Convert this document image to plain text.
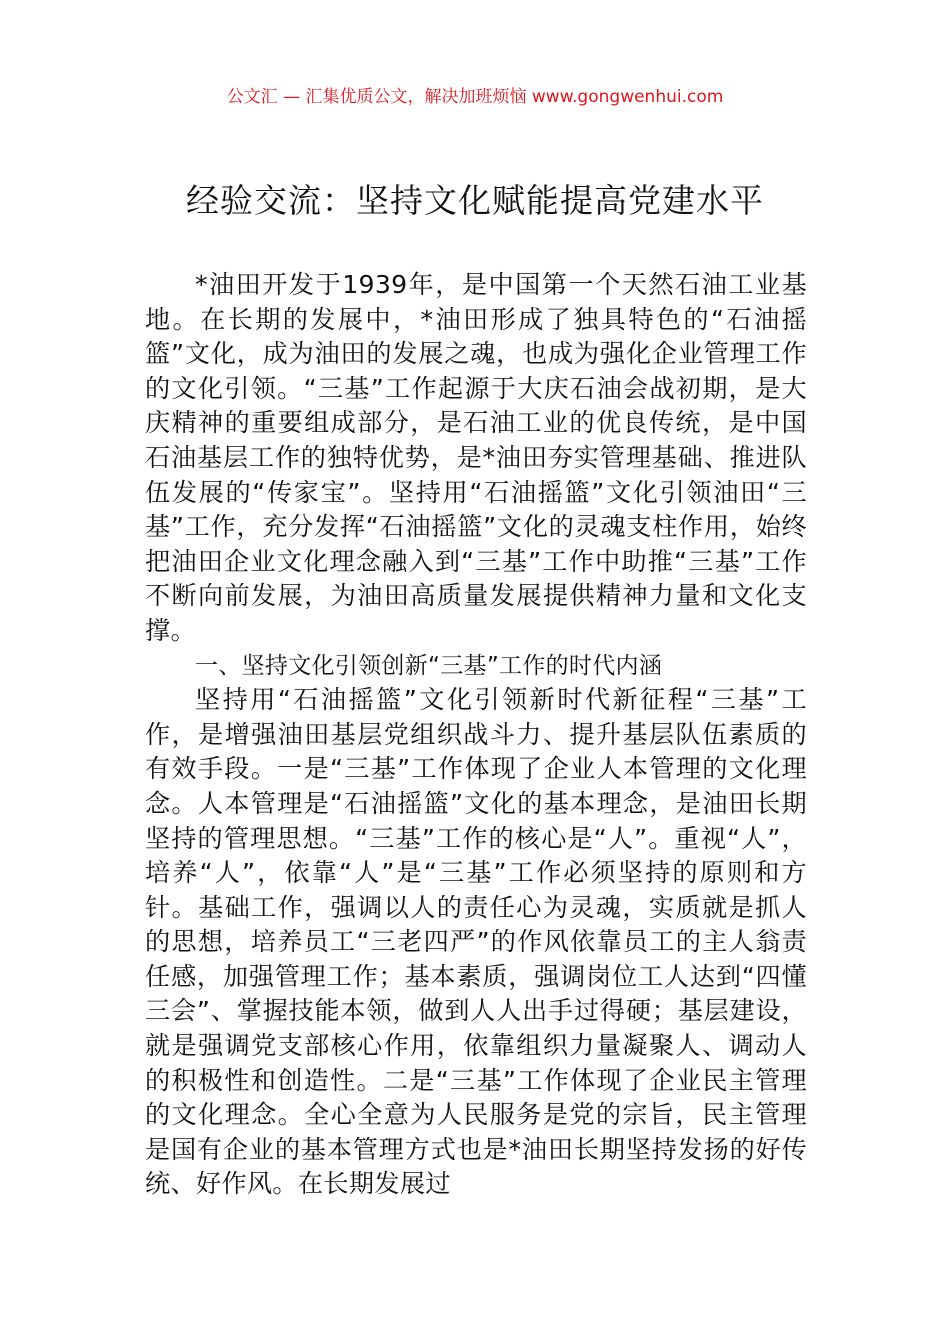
公文汇 — 汇集优质公文，解决加班烦恼 www.gongwenhui.com
经验交流：坚持文化赋能提高党建水平

*油田开发于1939年，是中国第一个天然石油工业基地。在长期的发展中，*油田形成了独具特色的“石油摇篮”文化，成为油田的发展之魂，也成为强化企业管理工作的文化引领。“三基”工作起源于大庆石油会战初期，是大庆精神的重要组成部分，是石油工业的优良传统，是中国石油基层工作的独特优势，是*油田夯实管理基础、推进队伍发展的“传家宝”。坚持用“石油摇篮”文化引领油田“三基”工作，充分发挥“石油摇篮”文化的灵魂支柱作用，始终把油田企业文化理念融入到“三基”工作中助推“三基”工作不断向前发展，为油田高质量发展提供精神力量和文化支撑。

一、坚持文化引领创新“三基”工作的时代内涵

坚持用“石油摇篮”文化引领新时代新征程“三基”工作，是增强油田基层党组织战斗力、提升基层队伍素质的有效手段。一是“三基”工作体现了企业人本管理的文化理念。人本管理是“石油摇篮”文化的基本理念，是油田长期坚持的管理思想。“三基”工作的核心是“人”。重视“人”，培养“人”，依靠“人”是“三基”工作必须坚持的原则和方针。基础工作，强调以人的责任心为灵魂，实质就是抓人的思想，培养员工“三老四严”的作风依靠员工的主人翁责任感，加强管理工作；基本素质，强调岗位工人达到“四懂三会”、掌握技能本领，做到人人出手过得硬；基层建设，就是强调党支部核心作用，依靠组织力量凝聚人、调动人的积极性和创造性。二是“三基”工作体现了企业民主管理的文化理念。全心全意为人民服务是党的宗旨，民主管理是国有企业的基本管理方式也是*油田长期坚持发扬的好传统、好作风。在长期发展过
